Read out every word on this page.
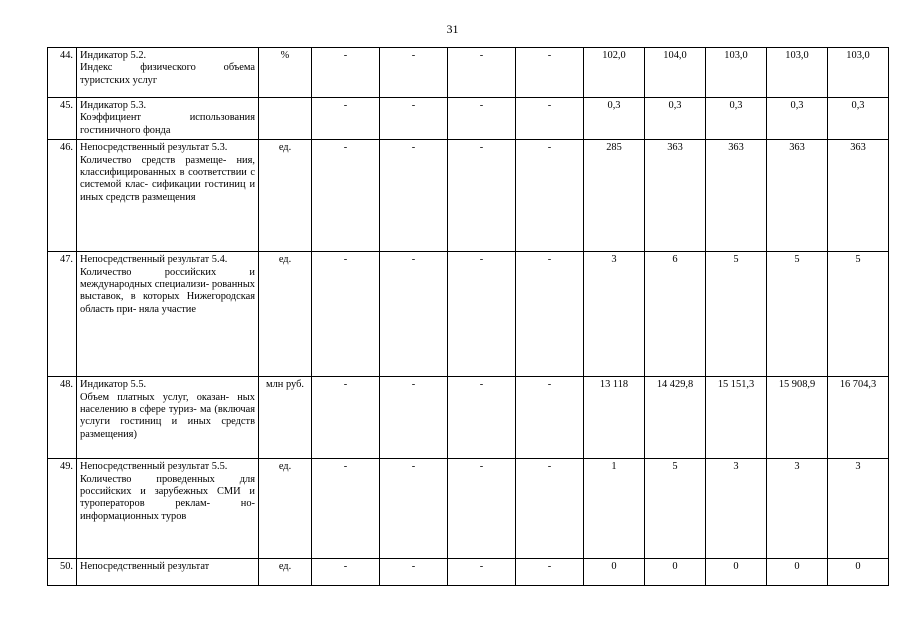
31
44.	Индикатор 5.2.
Индекс физического объема туристских услуг	%	-	-	-	-	102,0	104,0	103,0	103,0	103,0
45.	Индикатор 5.3.
Коэффициент использования гостиничного фонда		-	-	-	-	0,3	0,3	0,3	0,3	0,3
46.	Непосредственный результат 5.3.
Количество средств размеще- ния, классифицированных в соответствии с системой клас- сификации гостиниц и иных средств размещения	ед.	-	-	-	-	285	363	363	363	363
47.	Непосредственный результат 5.4.
Количество российских и международных специализи- рованных выставок, в которых Нижегородская область при- няла участие	ед.	-	-	-	-	3	6	5	5	5
48.	Индикатор 5.5.
Объем платных услуг, оказан- ных населению в сфере туриз- ма (включая услуги гостиниц и иных средств размещения)	млн руб.	-	-	-	-	13 118	14 429,8	15 151,3	15 908,9	16 704,3
49.	Непосредственный результат 5.5.
Количество проведенных для российских и зарубежных СМИ и туроператоров реклам- но-информационных туров	ед.	-	-	-	-	1	5	3	3	3
50.	Непосредственный результат	ед.	-	-	-	-	0	0	0	0	0
